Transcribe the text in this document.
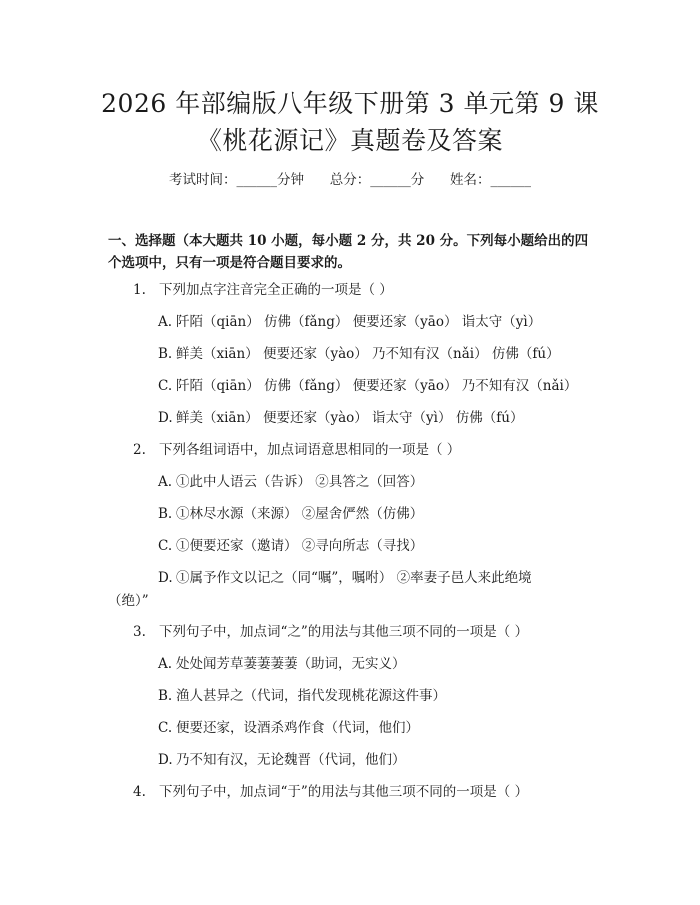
2026 年部编版八年级下册第 3 单元第 9 课
《桃花源记》真题卷及答案
考试时间：______分钟      总分：______分      姓名：______
一、选择题（本大题共 10 小题，每小题 2 分，共 20 分。下列每小题给出的四个选项中，只有一项是符合题目要求的。
1. 下列加点字注音完全正确的一项是（ ）
A. 阡陌（qiān） 仿佛（fǎng） 便要还家（yāo） 诣太守（yì）
B. 鲜美（xiān） 便要还家（yào） 乃不知有汉（nǎi） 仿佛（fú）
C. 阡陌（qiān） 仿佛（fǎng） 便要还家（yāo） 乃不知有汉（nǎi）
D. 鲜美（xiān） 便要还家（yào） 诣太守（yì） 仿佛（fú）
2. 下列各组词语中，加点词语意思相同的一项是（ ）
A. ①此中人语云（告诉） ②具答之（回答）
B. ①林尽水源（来源） ②屋舍俨然（仿佛）
C. ①便要还家（邀请） ②寻向所志（寻找）
D. ①属予作文以记之（同“嘱”，嘱咐） ②率妻子邑人来此绝境
（绝）”
3. 下列句子中，加点词“之”的用法与其他三项不同的一项是（ ）
A. 处处闻芳草萋萋萋萋（助词，无实义）
B. 渔人甚异之（代词，指代发现桃花源这件事）
C. 便要还家，设酒杀鸡作食（代词，他们）
D. 乃不知有汉，无论魏晋（代词，他们）
4. 下列句子中，加点词“于”的用法与其他三项不同的一项是（ ）
